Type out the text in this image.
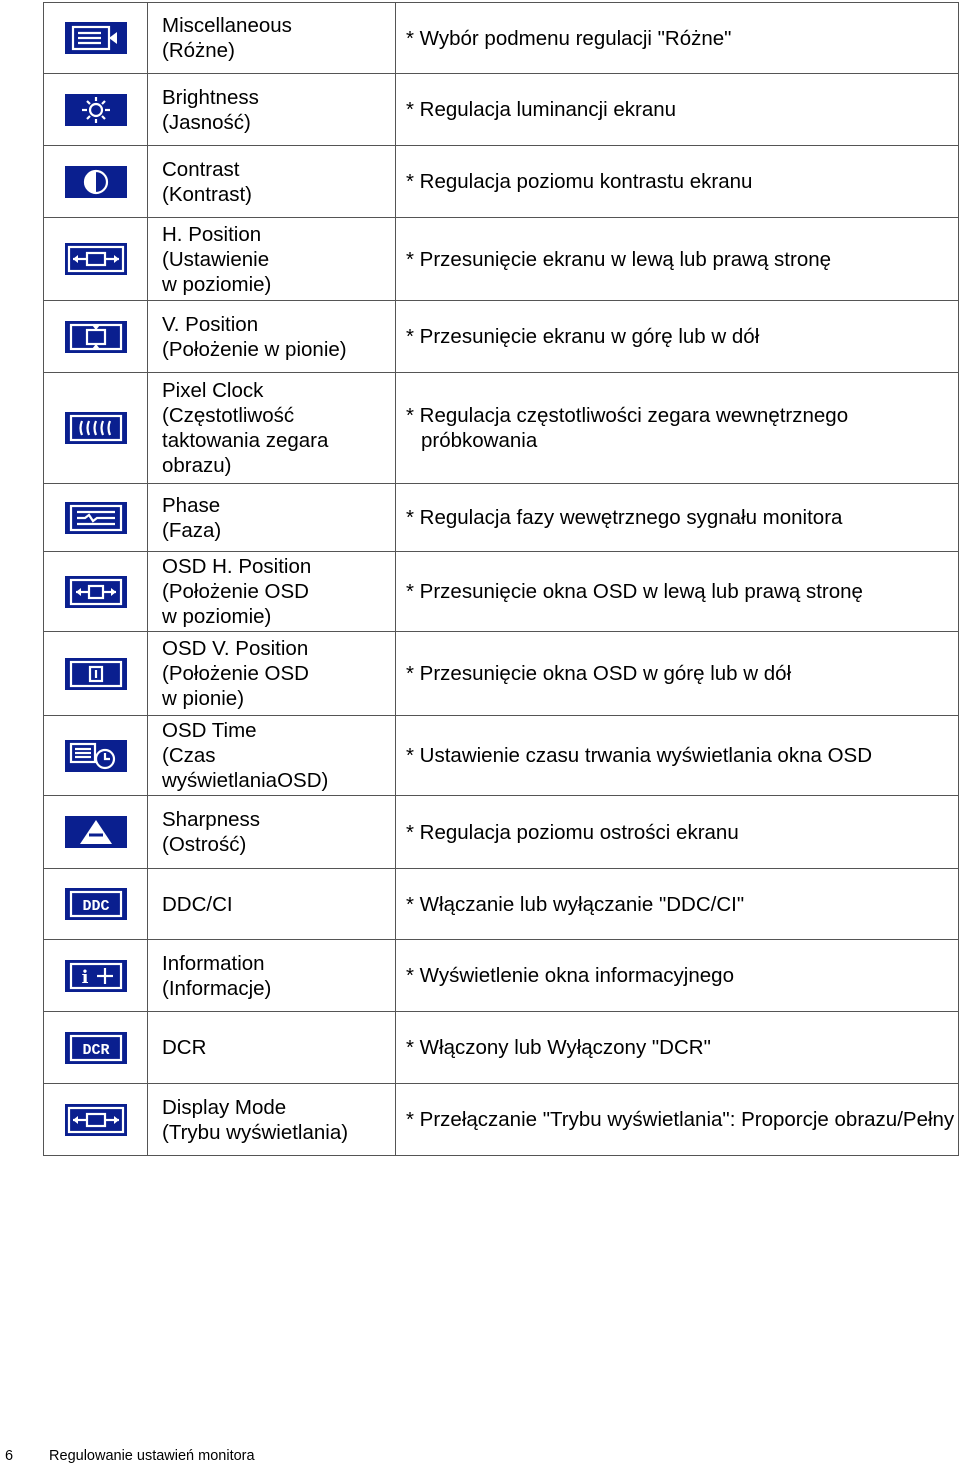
Miscellaneous
(Różne)	* Wybór podmenu regulacji "Różne"

Brightness
(Jasność)	* Regulacja luminancji ekranu

Contrast
(Kontrast)	* Regulacja poziomu kontrastu ekranu

H. Position
(Ustawienie
w poziomie)	* Przesunięcie ekranu w lewą lub prawą stronę

V. Position
(Położenie w pionie)	* Przesunięcie ekranu w górę lub w dół

Pixel Clock
(Częstotliwość
taktowania zegara
obrazu)	* Regulacja częstotliwości zegara wewnętrznego próbkowania

Phase
(Faza)	* Regulacja fazy wewętrznego sygnału monitora

OSD H. Position
(Położenie OSD
w poziomie)	* Przesunięcie okna OSD w lewą lub prawą stronę

OSD V. Position
(Położenie OSD
w pionie)	* Przesunięcie okna OSD w górę lub w dół

OSD Time
(Czas
wyświetlaniaOSD)	* Ustawienie czasu trwania wyświetlania okna OSD

Sharpness
(Ostrość)	* Regulacja poziomu ostrości ekranu

DDC	DDC/CI	* Włączanie lub wyłączanie "DDC/CI"

i	Information
(Informacje)	* Wyświetlenie okna informacyjnego

DCR	DCR	* Włączony lub Wyłączony "DCR"

Display Mode
(Trybu wyświetlania)	* Przełączanie "Trybu wyświetlania": Proporcje obrazu/Pełny
6 Regulowanie ustawień monitora
